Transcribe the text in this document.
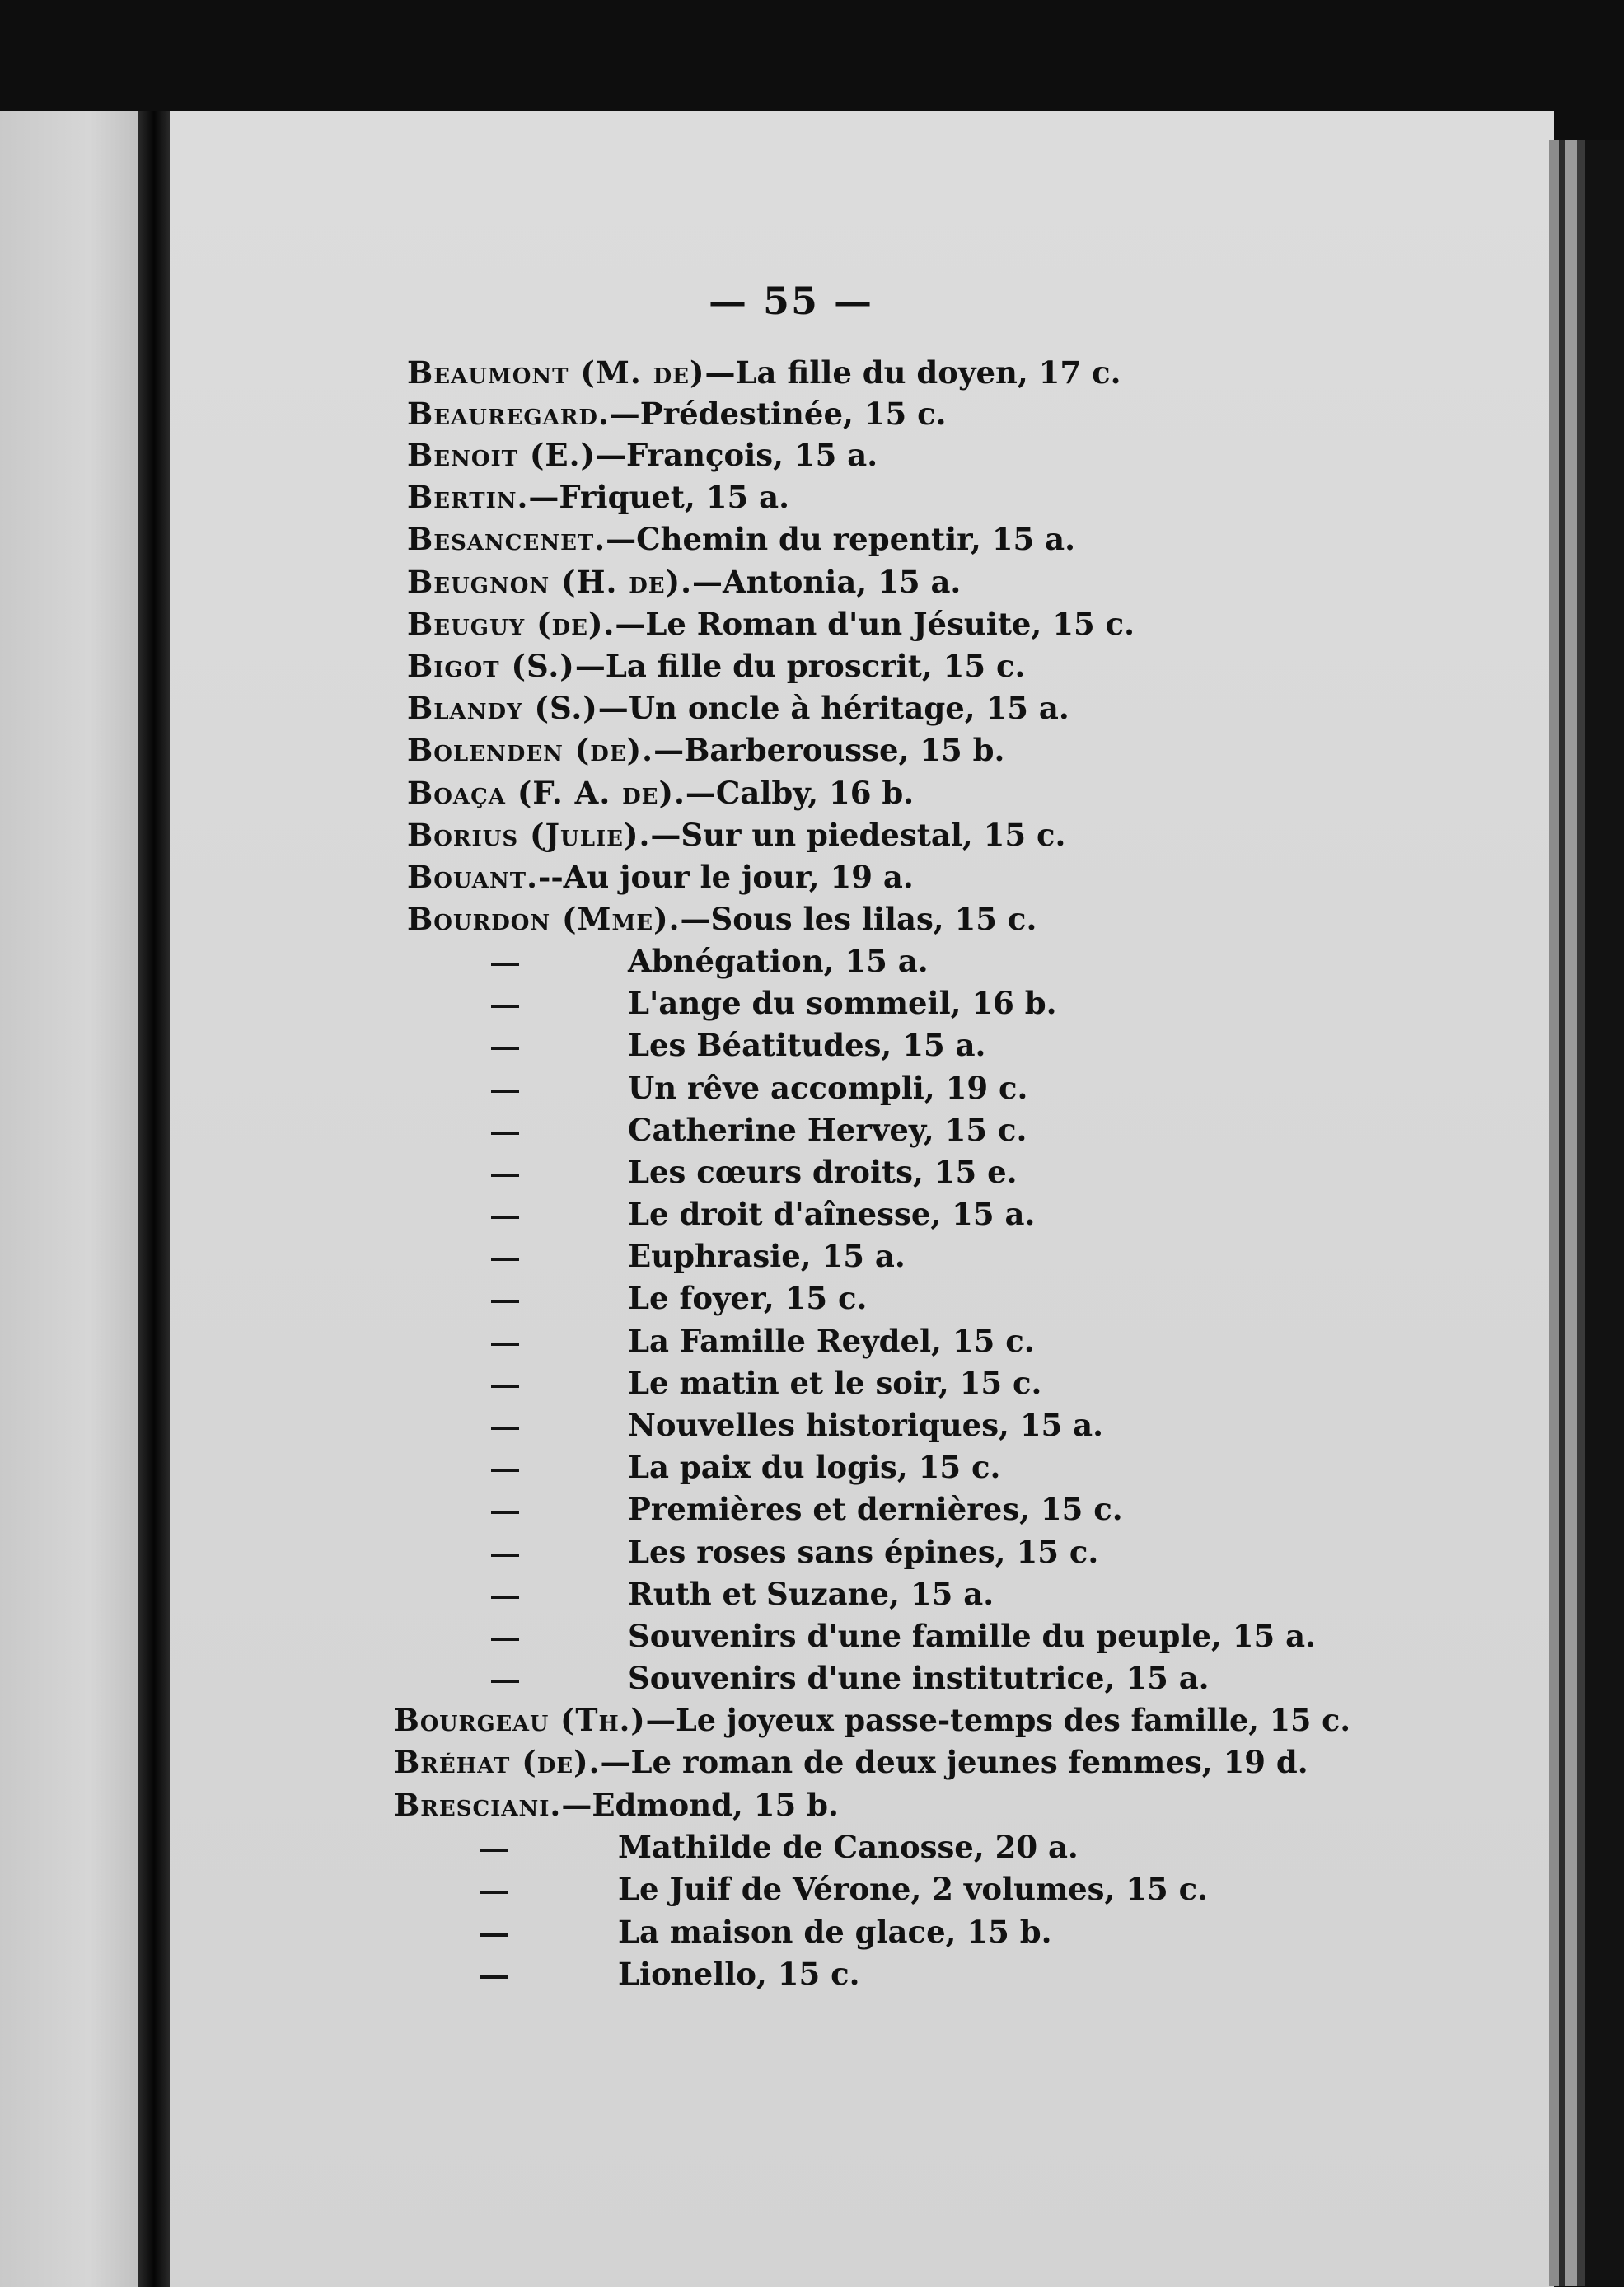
— 55 —
Beaumont (M. de)—La fille du doyen, 17 c.
Beauregard.—Prédestinée, 15 c.
Benoit (E.)—François, 15 a.
Bertin.—Friquet, 15 a.
Besancenet.—Chemin du repentir, 15 a.
Beugnon (H. de).—Antonia, 15 a.
Beuguy (de).—Le Roman d'un Jésuite, 15 c.
Bigot (S.)—La fille du proscrit, 15 c.
Blandy (S.)—Un oncle à héritage, 15 a.
Bolenden (de).—Barberousse, 15 b.
Boaça (F. A. de).—Calby, 16 b.
Borius (Julie).—Sur un piedestal, 15 c.
Bouant.--Au jour le jour, 19 a.
Bourdon (Mme).—Sous les lilas, 15 c.
Abnégation, 15 a.
L'ange du sommeil, 16 b.
Les Béatitudes, 15 a.
Un rêve accompli, 19 c.
Catherine Hervey, 15 c.
Les cœurs droits, 15 e.
Le droit d'aînesse, 15 a.
Euphrasie, 15 a.
Le foyer, 15 c.
La Famille Reydel, 15 c.
Le matin et le soir, 15 c.
Nouvelles historiques, 15 a.
La paix du logis, 15 c.
Premières et dernières, 15 c.
Les roses sans épines, 15 c.
Ruth et Suzane, 15 a.
Souvenirs d'une famille du peuple, 15 a.
Souvenirs d'une institutrice, 15 a.
Bourgeau (Th.)—Le joyeux passe-temps des famille, 15 c.
Bréhat (de).—Le roman de deux jeunes femmes, 19 d.
Bresciani.—Edmond, 15 b.
Mathilde de Canosse, 20 a.
Le Juif de Vérone, 2 volumes, 15 c.
La maison de glace, 15 b.
Lionello, 15 c.
